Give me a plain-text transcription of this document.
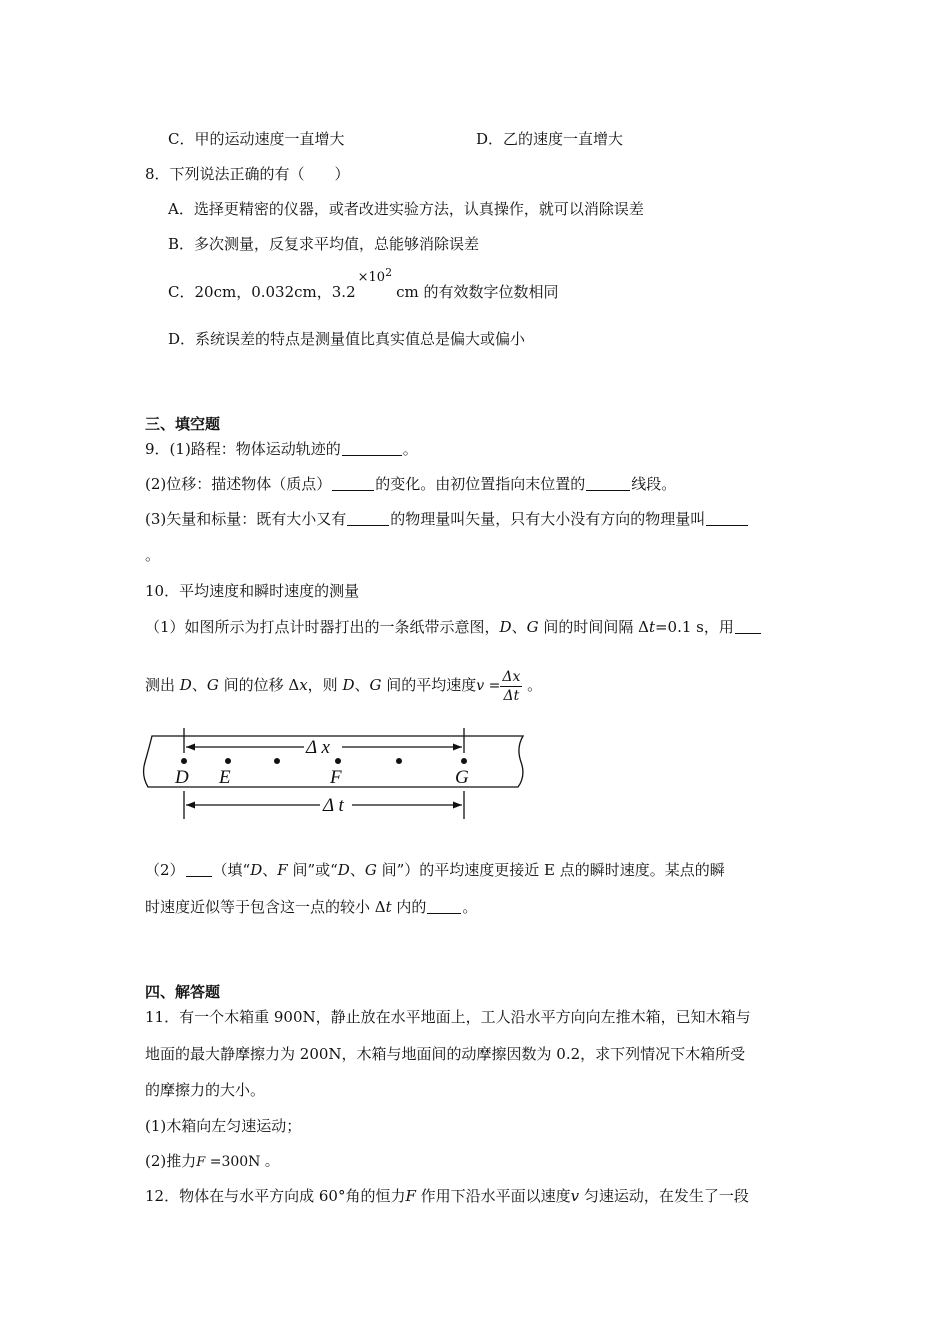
C．甲的运动速度一直增大	D．乙的速度一直增大
8．下列说法正确的有（　　）
A．选择更精密的仪器，或者改进实验方法，认真操作，就可以消除误差
B．多次测量，反复求平均值，总能够消除误差
C．20cm，0.032cm，$3.2\times 10^2cm$ 的有效数字位数相同
D．系统误差的特点是测量值比真实值总是偏大或偏小
三、填空题
9．(1)路程：物体运动轨迹的	。
(2)位移：描述物体（质点）	的变化。由初位置指向末位置的	线段。
(3)矢量和标量：既有大小又有	的物理量叫矢量，只有大小没有方向的物理量叫
。
10．平均速度和瞬时速度的测量
（1）如图所示为打点计时器打出的一条纸带示意图，D、G 间的时间间隔 Δt=0.1 s，用
测出 D、G 间的位移 Δx，则 D、G 间的平均速度$v = \frac{\Delta x}{\Delta t}$ 。
Δ x
Δ t
D E	F	G
（2） （填“D、F 间”或“D、G 间”）的平均速度更接近 E 点的瞬时速度。某点的瞬
时速度近似等于包含这一点的较小 Δt 内的 。
四、解答题
11．有一个木箱重 900N，静止放在水平地面上，工人沿水平方向向左推木箱，已知木箱与
地面的最大静摩擦力为 200N，木箱与地面间的动摩擦因数为 0.2，求下列情况下木箱所受
的摩擦力的大小。
(1)木箱向左匀速运动；
(2)推力F =300N 。
12．物体在与水平方向成 60°角的恒力F 作用下沿水平面以速度v 匀速运动，在发生了一段
